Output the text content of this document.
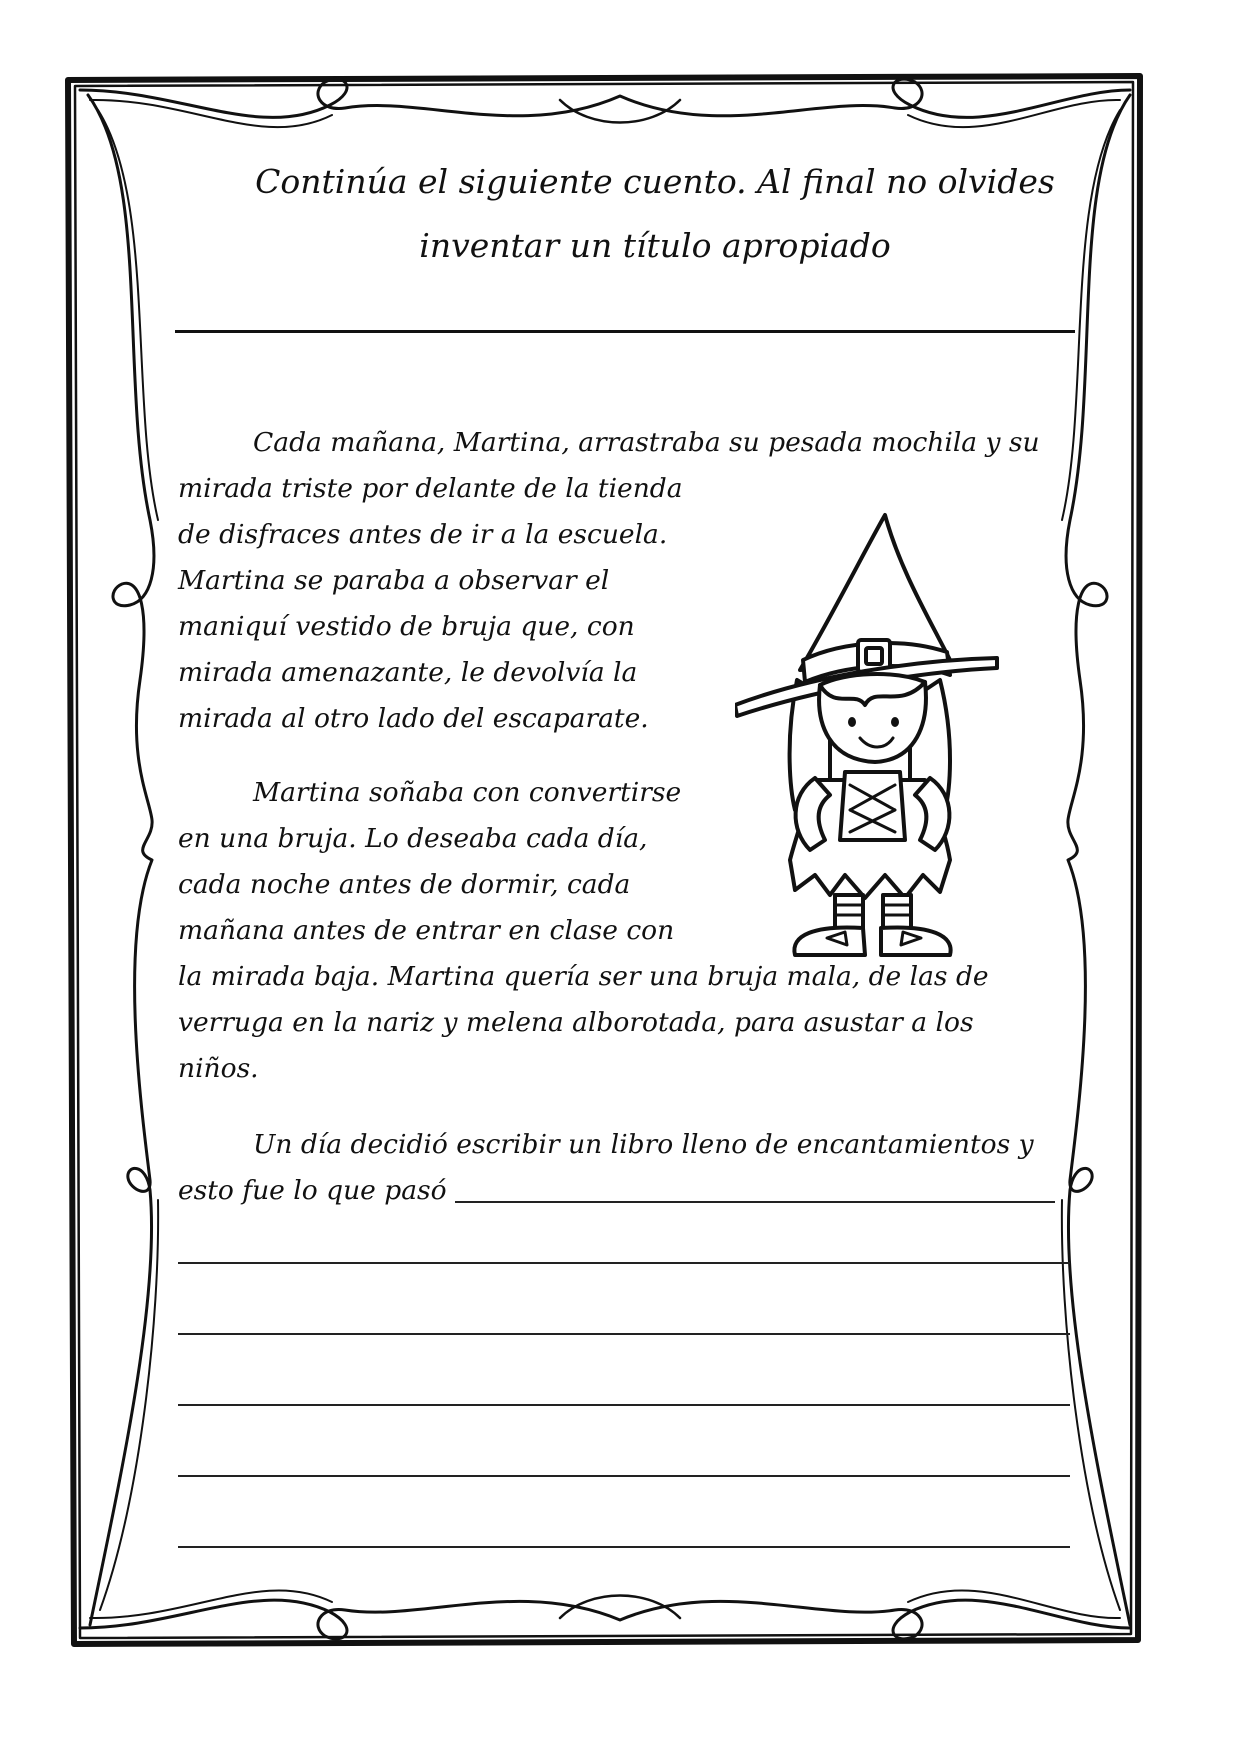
Continúa el siguiente cuento. Al final no olvides
inventar un título apropiado

Cada mañana, Martina, arrastraba su pesada mochila y su
mirada triste por delante de la tienda
de disfraces antes de ir a la escuela.
Martina se paraba a observar el
maniquí vestido de bruja que, con
mirada amenazante, le devolvía la
mirada al otro lado del escaparate.

Martina soñaba con convertirse
en una bruja. Lo deseaba cada día,
cada noche antes de dormir, cada
mañana antes de entrar en clase con
la mirada baja. Martina quería ser una bruja mala, de las de
verruga en la nariz y melena alborotada, para asustar a los
niños.

Un día decidió escribir un libro lleno de encantamientos y
esto fue lo que pasó
